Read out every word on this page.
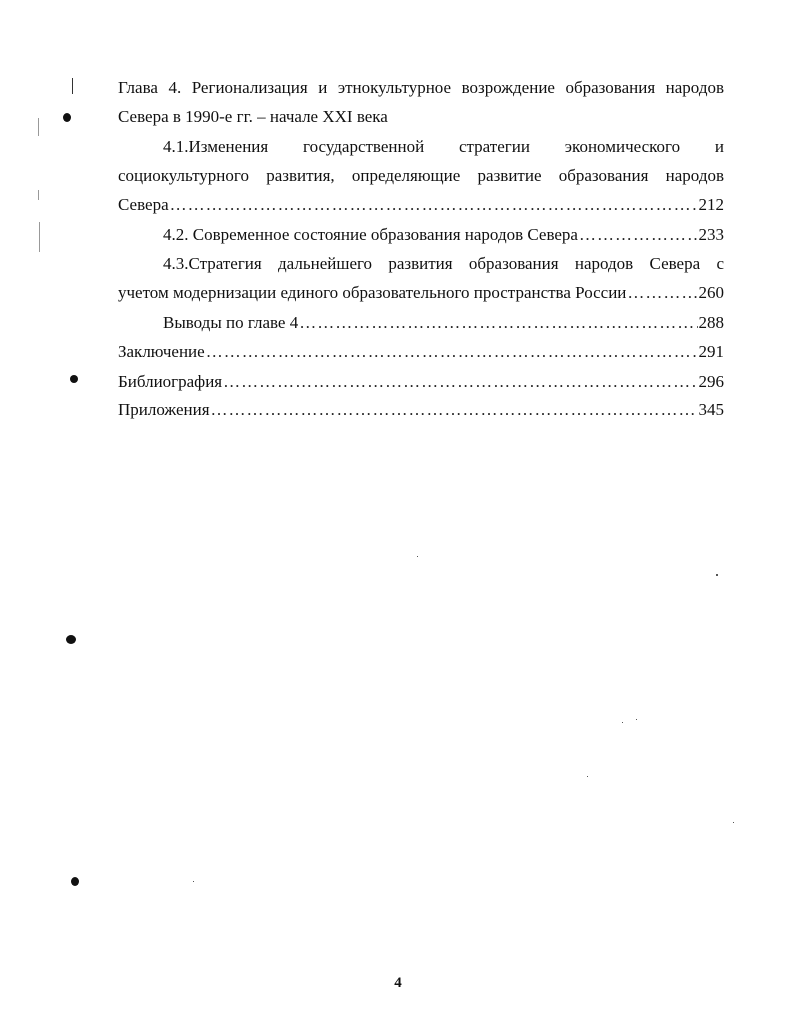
Глава 4. Регионализация и этнокультурное возрождение образования народов
Севера в 1990-е гг. – начале XXI века
4.1.Изменения государственной стратегии экономического и
социокультурного развития, определяющие развитие образования народов
Севера ……………………………………………………………………………………………………………………………………………………………………	212
4.2. Современное состояние образования народов Севера ……………………………………………………………………………………………………………………………………………………………………	233
4.3.Стратегия дальнейшего развития образования народов Севера с
учетом модернизации единого образовательного пространства России ……………………………………………………………………………………………………………………………………………………………………	260
Выводы по главе 4 ……………………………………………………………………………………………………………………………………………………………………	288
Заключение ……………………………………………………………………………………………………………………………………………………………………	291
Библиография ……………………………………………………………………………………………………………………………………………………………………	296
Приложения ……………………………………………………………………………………………………………………………………………………………………	345
4
